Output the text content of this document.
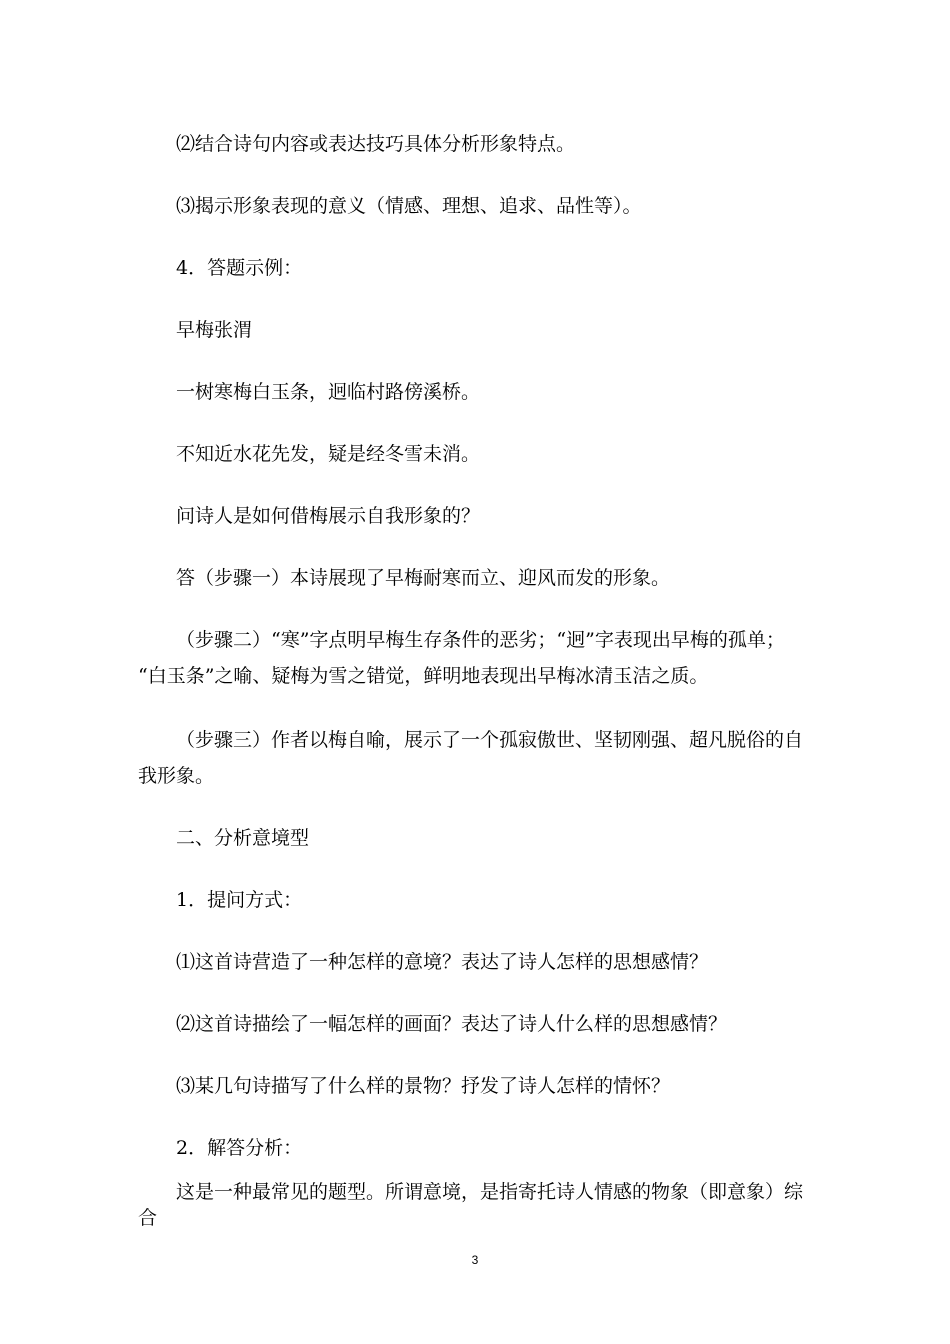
⑵结合诗句内容或表达技巧具体分析形象特点。
⑶揭示形象表现的意义（情感、理想、追求、品性等）。
4．答题示例：
早梅张渭
一树寒梅白玉条，迥临村路傍溪桥。
不知近水花先发，疑是经冬雪未消。
问诗人是如何借梅展示自我形象的？
答（步骤一）本诗展现了早梅耐寒而立、迎风而发的形象。
（步骤二）“寒”字点明早梅生存条件的恶劣；“迥”字表现出早梅的孤单；
“白玉条”之喻、疑梅为雪之错觉，鲜明地表现出早梅冰清玉洁之质。
（步骤三）作者以梅自喻，展示了一个孤寂傲世、坚韧刚强、超凡脱俗的自
我形象。
二、分析意境型
1．提问方式：
⑴这首诗营造了一种怎样的意境？表达了诗人怎样的思想感情？
⑵这首诗描绘了一幅怎样的画面？表达了诗人什么样的思想感情？
⑶某几句诗描写了什么样的景物？抒发了诗人怎样的情怀？
2．解答分析：
这是一种最常见的题型。所谓意境，是指寄托诗人情感的物象（即意象）综
合
3
